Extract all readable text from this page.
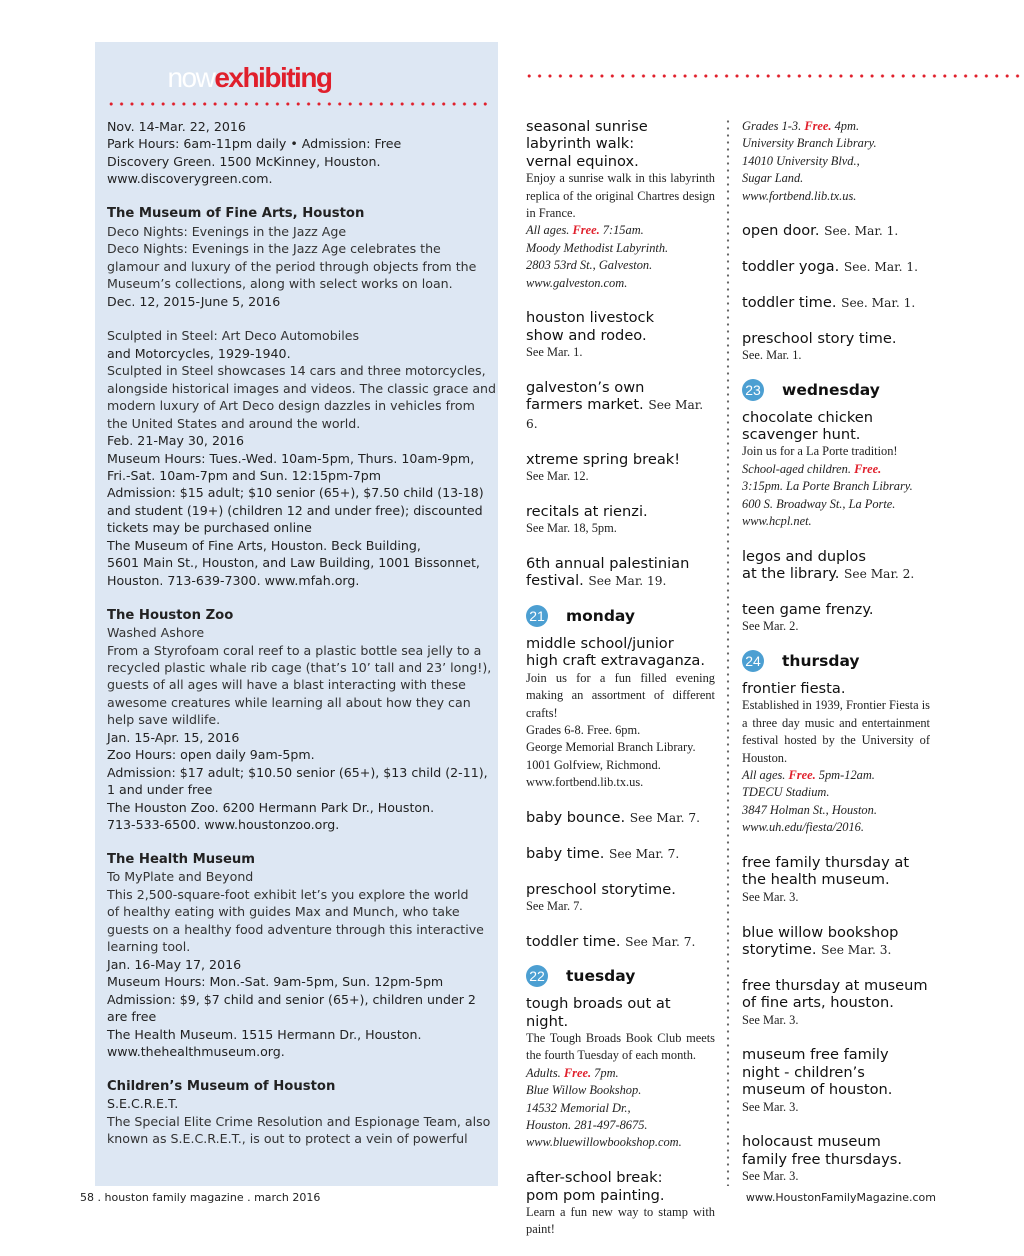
nowexhibiting
Nov. 14-Mar. 22, 2016
Park Hours: 6am-11pm daily • Admission: Free
Discovery Green. 1500 McKinney, Houston.
www.discoverygreen.com.
The Museum of Fine Arts, Houston
Deco Nights: Evenings in the Jazz Age
Deco Nights: Evenings in the Jazz Age celebrates the
glamour and luxury of the period through objects from the
Museum’s collections, along with select works on loan.
Dec. 12, 2015-June 5, 2016
Sculpted in Steel: Art Deco Automobiles
and Motorcycles, 1929-1940.
Sculpted in Steel showcases 14 cars and three motorcycles,
alongside historical images and videos. The classic grace and
modern luxury of Art Deco design dazzles in vehicles from
the United States and around the world.
Feb. 21-May 30, 2016
Museum Hours: Tues.-Wed. 10am-5pm, Thurs. 10am-9pm,
Fri.-Sat. 10am-7pm and Sun. 12:15pm-7pm
Admission: $15 adult; $10 senior (65+), $7.50 child (13-18)
and student (19+) (children 12 and under free); discounted
tickets may be purchased online
The Museum of Fine Arts, Houston. Beck Building,
5601 Main St., Houston, and Law Building, 1001 Bissonnet,
Houston. 713-639-7300. www.mfah.org.
The Houston Zoo
Washed Ashore
From a Styrofoam coral reef to a plastic bottle sea jelly to a
recycled plastic whale rib cage (that’s 10’ tall and 23’ long!),
guests of all ages will have a blast interacting with these
awesome creatures while learning all about how they can
help save wildlife.
Jan. 15-Apr. 15, 2016
Zoo Hours: open daily 9am-5pm.
Admission: $17 adult; $10.50 senior (65+), $13 child (2-11),
1 and under free
The Houston Zoo. 6200 Hermann Park Dr., Houston.
713-533-6500. www.houstonzoo.org.
The Health Museum
To MyPlate and Beyond
This 2,500-square-foot exhibit let’s you explore the world
of healthy eating with guides Max and Munch, who take
guests on a healthy food adventure through this interactive
learning tool.
Jan. 16-May 17, 2016
Museum Hours: Mon.-Sat. 9am-5pm, Sun. 12pm-5pm
Admission: $9, $7 child and senior (65+), children under 2
are free
The Health Museum. 1515 Hermann Dr., Houston.
www.thehealthmuseum.org.
Children’s Museum of Houston
S.E.C.R.E.T.
The Special Elite Crime Resolution and Espionage Team, also
known as S.E.C.R.E.T., is out to protect a vein of powerful

seasonal sunrise
labyrinth walk:
vernal equinox.

Enjoy a sunrise walk in this labyrinth replica of the original Chartres design in France.

All ages. Free. 7:15am.
Moody Methodist Labyrinth.
2803 53rd St., Galveston.
www.galveston.com.

houston livestock
show and rodeo.

See Mar. 1.

galveston’s own
farmers market. See Mar. 6.

xtreme spring break!

See Mar. 12.

recitals at rienzi.

See Mar. 18, 5pm.

6th annual palestinian
festival. See Mar. 19.

21 monday

middle school/junior
high craft extravaganza.

Join us for a fun filled evening making an assortment of different crafts!

Grades 6-8. Free. 6pm.
George Memorial Branch Library.
1001 Golfview, Richmond.
www.fortbend.lib.tx.us.

baby bounce. See Mar. 7.

baby time. See Mar. 7.

preschool storytime.

See Mar. 7.

toddler time. See Mar. 7.

22 tuesday

tough broads out at night.

The Tough Broads Book Club meets the fourth Tuesday of each month.

Adults. Free. 7pm.
Blue Willow Bookshop.
14532 Memorial Dr.,
Houston. 281-497-8675.
www.bluewillowbookshop.com.

after-school break:
pom pom painting.

Learn a fun new way to stamp with paint!

Grades 1-3. Free. 4pm.
University Branch Library.
14010 University Blvd.,
Sugar Land.
www.fortbend.lib.tx.us.

open door. See. Mar. 1.

toddler yoga. See. Mar. 1.

toddler time. See. Mar. 1.

preschool story time.

See. Mar. 1.

23 wednesday

chocolate chicken
scavenger hunt.

Join us for a La Porte tradition!

School-aged children. Free.
3:15pm. La Porte Branch Library.
600 S. Broadway St., La Porte.
www.hcpl.net.

legos and duplos
at the library. See Mar. 2.

teen game frenzy.

See Mar. 2.

24 thursday

frontier fiesta.

Established in 1939, Frontier Fiesta is a three day music and entertainment festival hosted by the University of Houston.

All ages. Free. 5pm-12am.
TDECU Stadium.
3847 Holman St., Houston.
www.uh.edu/fiesta/2016.

free family thursday at
the health museum.

See Mar. 3.

blue willow bookshop
storytime. See Mar. 3.

free thursday at museum
of fine arts, houston.

See Mar. 3.

museum free family
night - children’s
museum of houston.

See Mar. 3.

holocaust museum
family free thursdays.

See Mar. 3.

58 . houston family magazine . march 2016	www.HoustonFamilyMagazine.com
